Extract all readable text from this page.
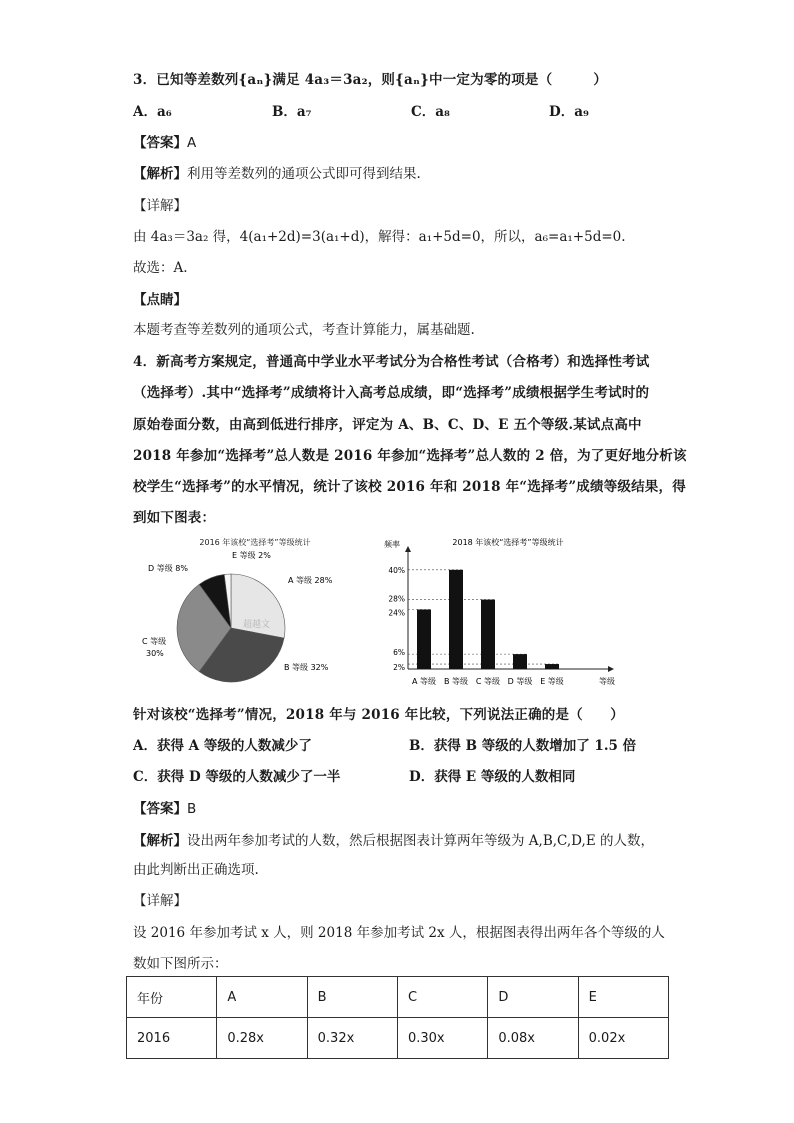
3．已知等差数列{aₙ}满足 4a₃＝3a₂，则{aₙ}中一定为零的项是（　　　）
A．a₆	B．a₇	C．a₈	D．a₉
【答案】A
【解析】利用等差数列的通项公式即可得到结果.
【详解】
由 4a₃＝3a₂ 得，4(a₁+2d)=3(a₁+d)，解得：a₁+5d=0，所以，a₆=a₁+5d=0.
故选：A.
【点睛】
本题考查等差数列的通项公式，考查计算能力，属基础题.
4．新高考方案规定，普通高中学业水平考试分为合格性考试（合格考）和选择性考试
（选择考）.其中“选择考”成绩将计入高考总成绩，即“选择考”成绩根据学生考试时的
原始卷面分数，由高到低进行排序，评定为 A、B、C、D、E 五个等级.某试点高中
2018 年参加“选择考”总人数是 2016 年参加“选择考”总人数的 2 倍，为了更好地分析该
校学生“选择考”的水平情况，统计了该校 2016 年和 2018 年“选择考”成绩等级结果，得
到如下图表：
2016 年该校“选择考”等级统计
超越文
A 等级 28%
B 等级 32%
C 等级
30%
D 等级 8%
E 等级 2%
2018 年该校“选择考”等级统计
频率
等级
40%
28%
24%
6%
2%
A 等级 B 等级 C 等级 D 等级 E 等级
针对该校“选择考”情况，2018 年与 2016 年比较，下列说法正确的是（　　）
A．获得 A 等级的人数减少了	B．获得 B 等级的人数增加了 1.5 倍
C．获得 D 等级的人数减少了一半	D．获得 E 等级的人数相同
【答案】B
【解析】设出两年参加考试的人数，然后根据图表计算两年等级为 A,B,C,D,E 的人数，
由此判断出正确选项.
【详解】
设 2016 年参加考试 x 人，则 2018 年参加考试 2x 人，根据图表得出两年各个等级的人
数如下图所示：
年份	A	B	C	D	E
2016	0.28x	0.32x	0.30x	0.08x	0.02x
